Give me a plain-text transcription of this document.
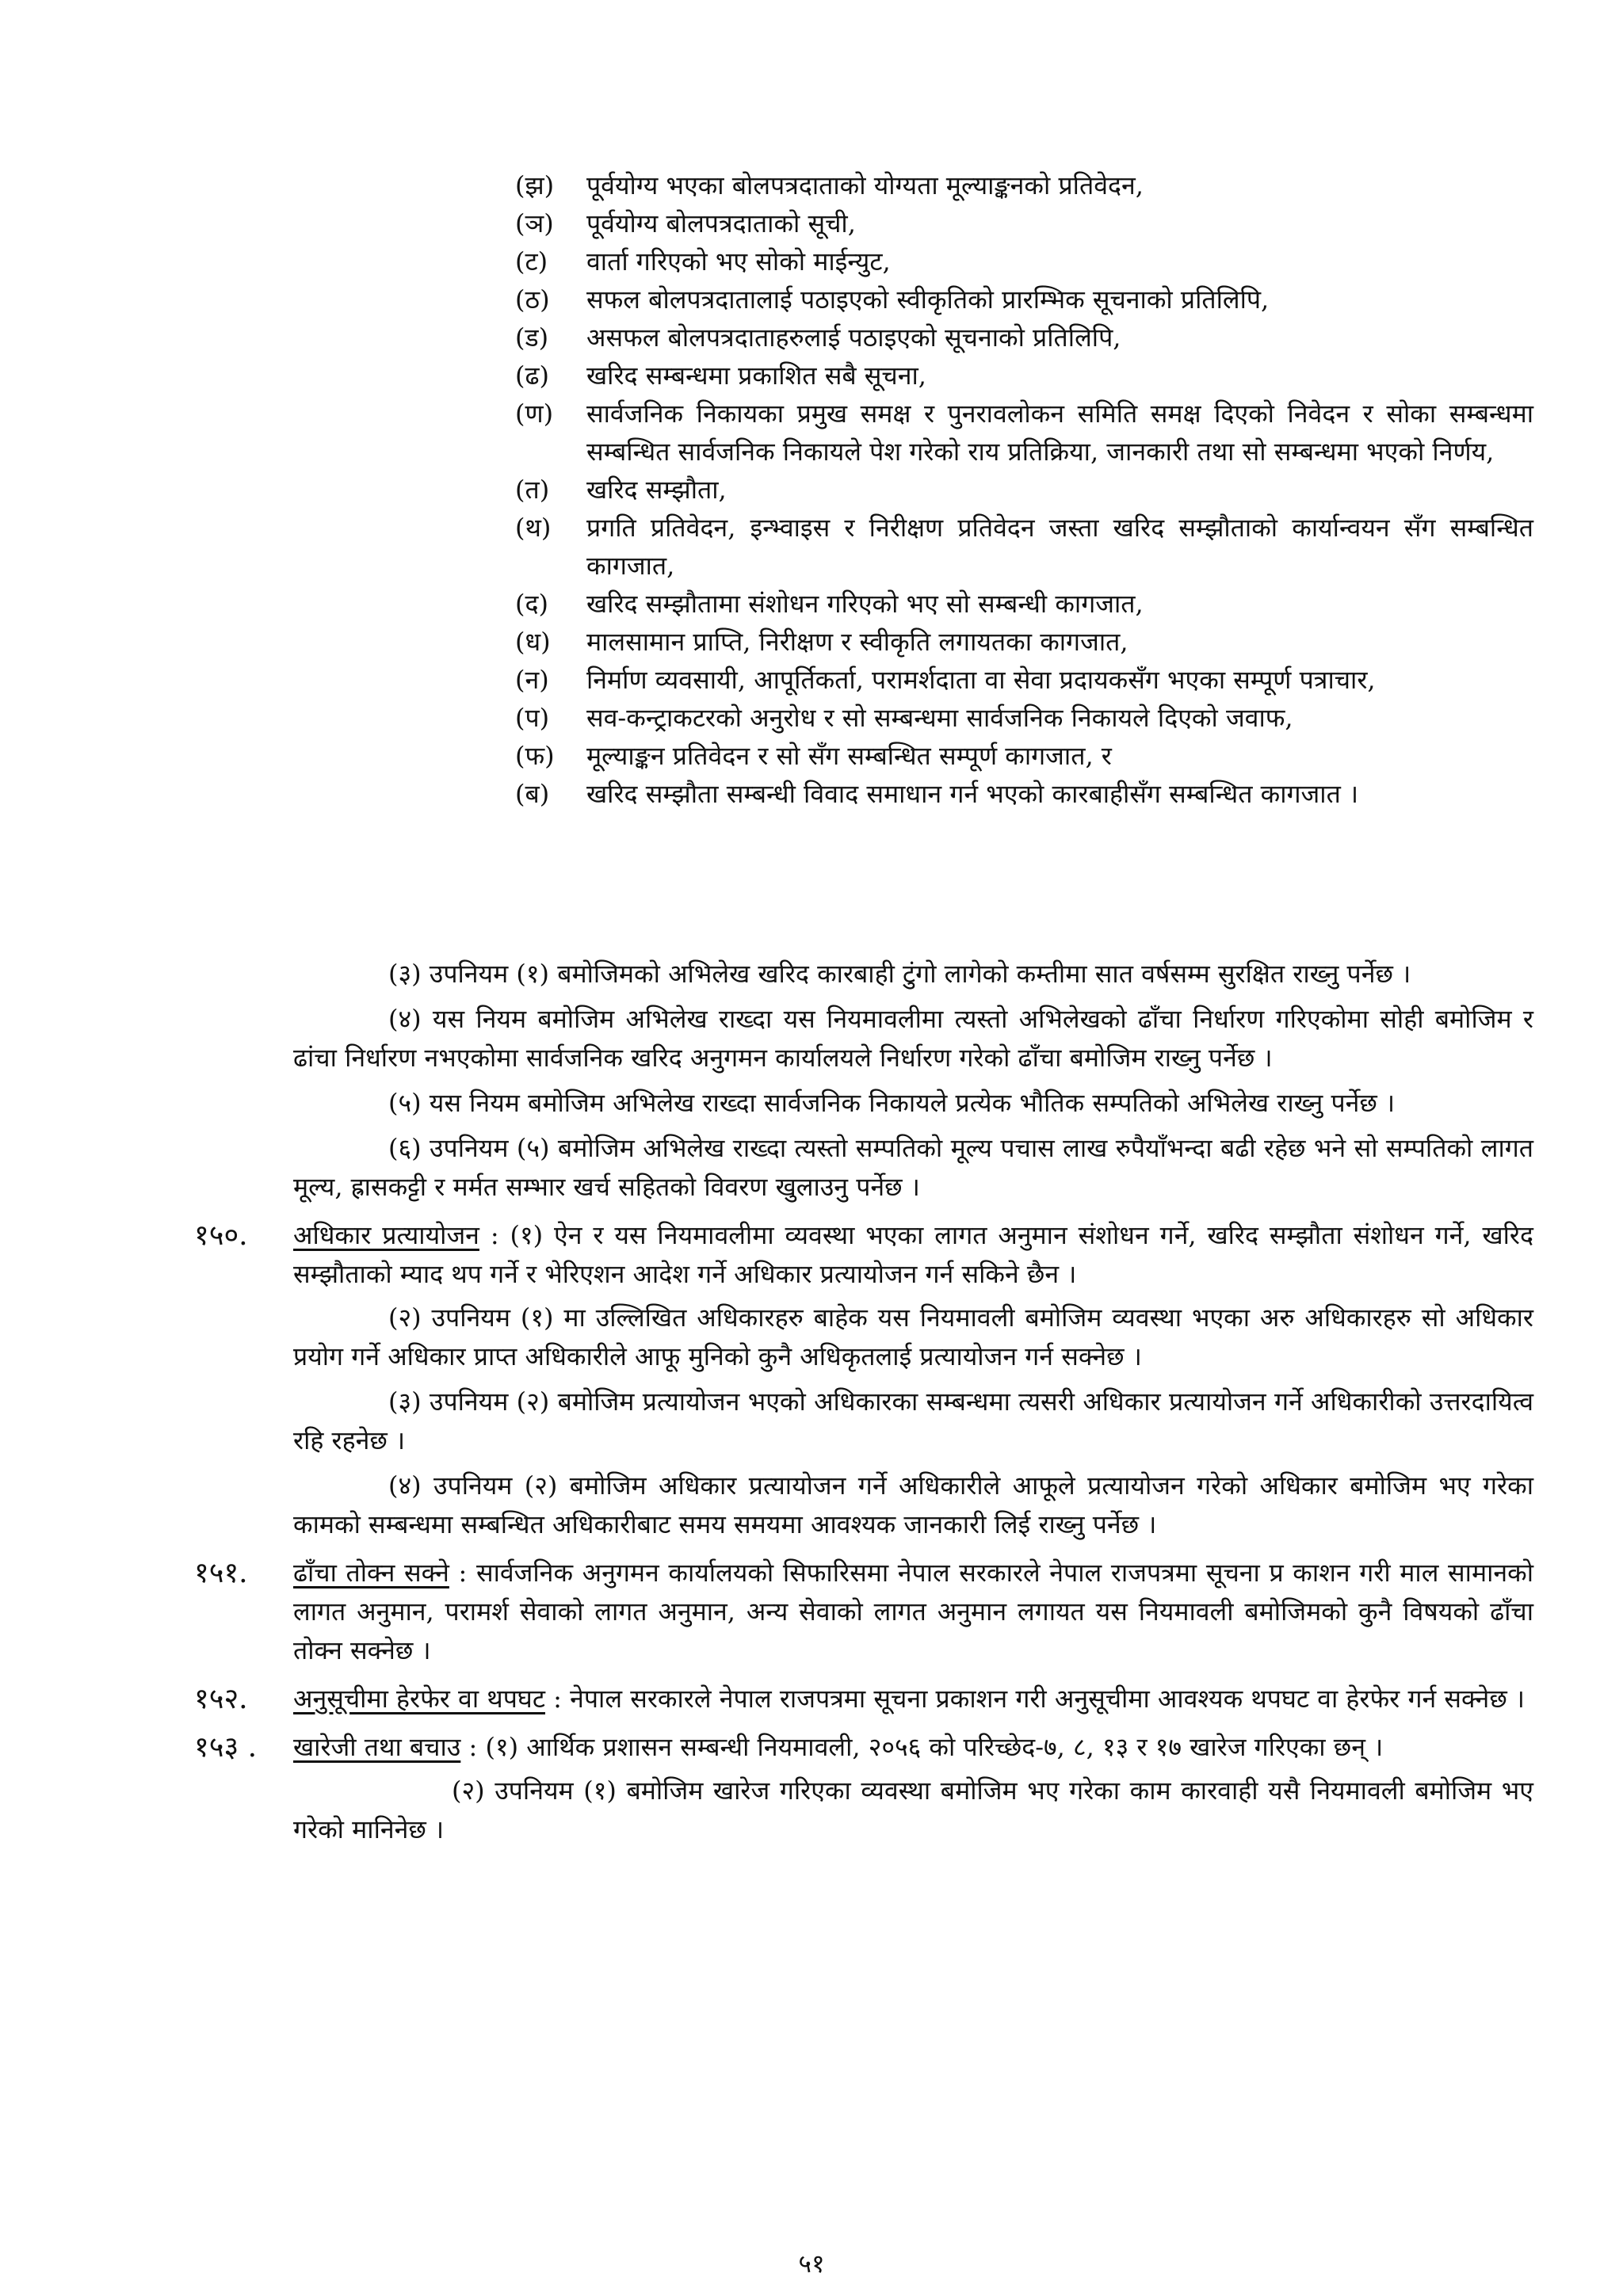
(झ)	पूर्वयोग्य भएका बोलपत्रदाताको योग्यता मूल्याङ्कनको प्रतिवेदन,

(ञ)	पूर्वयोग्य बोलपत्रदाताको सूची,

(ट)	वार्ता गरिएको भए सोको माईन्युट,

(ठ)	सफल बोलपत्रदातालाई पठाइएको स्वीकृतिको प्रारम्भिक सूचनाको प्रतिलिपि,

(ड)	असफल बोलपत्रदाताहरुलाई पठाइएको सूचनाको प्रतिलिपि,

(ढ)	खरिद सम्बन्धमा प्रकाशित सबै सूचना,

(ण)	सार्वजनिक निकायका प्रमुख समक्ष र पुनरावलोकन समिति समक्ष दिएको निवेदन र सोका सम्बन्धमा सम्बन्धित सार्वजनिक निकायले पेश गरेको राय प्रतिक्रिया, जानकारी तथा सो सम्बन्धमा भएको निर्णय,

(त)	खरिद सम्झौता,

(थ)	प्रगति प्रतिवेदन, इन्भ्वाइस र निरीक्षण प्रतिवेदन जस्ता खरिद सम्झौताको कार्यान्वयन सँग सम्बन्धित कागजात,

(द)	खरिद सम्झौतामा संशोधन गरिएको भए सो सम्बन्धी कागजात,

(ध)	मालसामान प्राप्ति, निरीक्षण र स्वीकृति लगायतका कागजात,

(न)	निर्माण व्यवसायी, आपूर्तिकर्ता, परामर्शदाता वा सेवा प्रदायकसँग भएका सम्पूर्ण पत्राचार,

(प)	सव-कन्ट्राकटरको अनुरोध र सो सम्बन्धमा सार्वजनिक निकायले दिएको जवाफ,

(फ)	मूल्याङ्कन प्रतिवेदन र सो सँग सम्बन्धित सम्पूर्ण कागजात, र

(ब)	खरिद सम्झौता सम्बन्धी विवाद समाधान गर्न भएको कारबाहीसँग सम्बन्धित कागजात ।

(३) उपनियम (१) बमोजिमको अभिलेख खरिद कारबाही टुंगो लागेको कम्तीमा सात वर्षसम्म सुरक्षित राख्नु पर्नेछ ।

(४) यस नियम बमोजिम अभिलेख राख्दा यस नियमावलीमा त्यस्तो अभिलेखको ढाँचा निर्धारण गरिएकोमा सोही बमोजिम र ढांचा निर्धारण नभएकोमा सार्वजनिक खरिद अनुगमन कार्यालयले निर्धारण गरेको ढाँचा बमोजिम राख्नु पर्नेछ ।

(५) यस नियम बमोजिम अभिलेख राख्दा सार्वजनिक निकायले प्रत्येक भौतिक सम्पतिको अभिलेख राख्नु पर्नेछ ।

(६) उपनियम (५) बमोजिम अभिलेख राख्दा त्यस्तो सम्पतिको मूल्य पचास लाख रुपैयाँभन्दा बढी रहेछ भने सो सम्पतिको लागत मूल्य, ह्रासकट्टी र मर्मत सम्भार खर्च सहितको विवरण खुलाउनु पर्नेछ ।

१५०. अधिकार प्रत्यायोजन : (१) ऐन र यस नियमावलीमा व्यवस्था भएका लागत अनुमान संशोधन गर्ने, खरिद सम्झौता संशोधन गर्ने, खरिद सम्झौताको म्याद थप गर्ने र भेरिएशन आदेश गर्ने अधिकार प्रत्यायोजन गर्न सकिने छैन ।

(२) उपनियम (१) मा उल्लिखित अधिकारहरु बाहेक यस नियमावली बमोजिम व्यवस्था भएका अरु अधिकारहरु सो अधिकार प्रयोग गर्ने अधिकार प्राप्त अधिकारीले आफू मुनिको कुनै अधिकृतलाई प्रत्यायोजन गर्न सक्नेछ ।

(३) उपनियम (२) बमोजिम प्रत्यायोजन भएको अधिकारका सम्बन्धमा त्यसरी अधिकार प्रत्यायोजन गर्ने अधिकारीको उत्तरदायित्व रहि रहनेछ ।

(४) उपनियम (२) बमोजिम अधिकार प्रत्यायोजन गर्ने अधिकारीले आफूले प्रत्यायोजन गरेको अधिकार बमोजिम भए गरेका कामको सम्बन्धमा सम्बन्धित अधिकारीबाट समय समयमा आवश्यक जानकारी लिई राख्नु पर्नेछ ।

१५१. ढाँचा तोक्न सक्ने : सार्वजनिक अनुगमन कार्यालयको सिफारिसमा नेपाल सरकारले नेपाल राजपत्रमा सूचना प्र काशन गरी माल सामानको लागत अनुमान, परामर्श सेवाको लागत अनुमान, अन्य सेवाको लागत अनुमान लगायत यस नियमावली बमोजिमको कुनै विषयको ढाँचा तोक्न सक्नेछ ।
१५२. अनुसूचीमा हेरफेर वा थपघट : नेपाल सरकारले नेपाल राजपत्रमा सूचना प्रकाशन गरी अनुसूचीमा आवश्यक थपघट वा हेरफेर गर्न सक्नेछ ।
१५३ . खारेजी तथा बचाउ : (१) आर्थिक प्रशासन सम्बन्धी नियमावली, २०५६ को परिच्छेद-७, ८, १३ र १७ खारेज गरिएका छन् ।

(२) उपनियम (१) बमोजिम खारेज गरिएका व्यवस्था बमोजिम भए गरेका काम कारवाही यसै नियमावली बमोजिम भए गरेको मानिनेछ ।

५१
